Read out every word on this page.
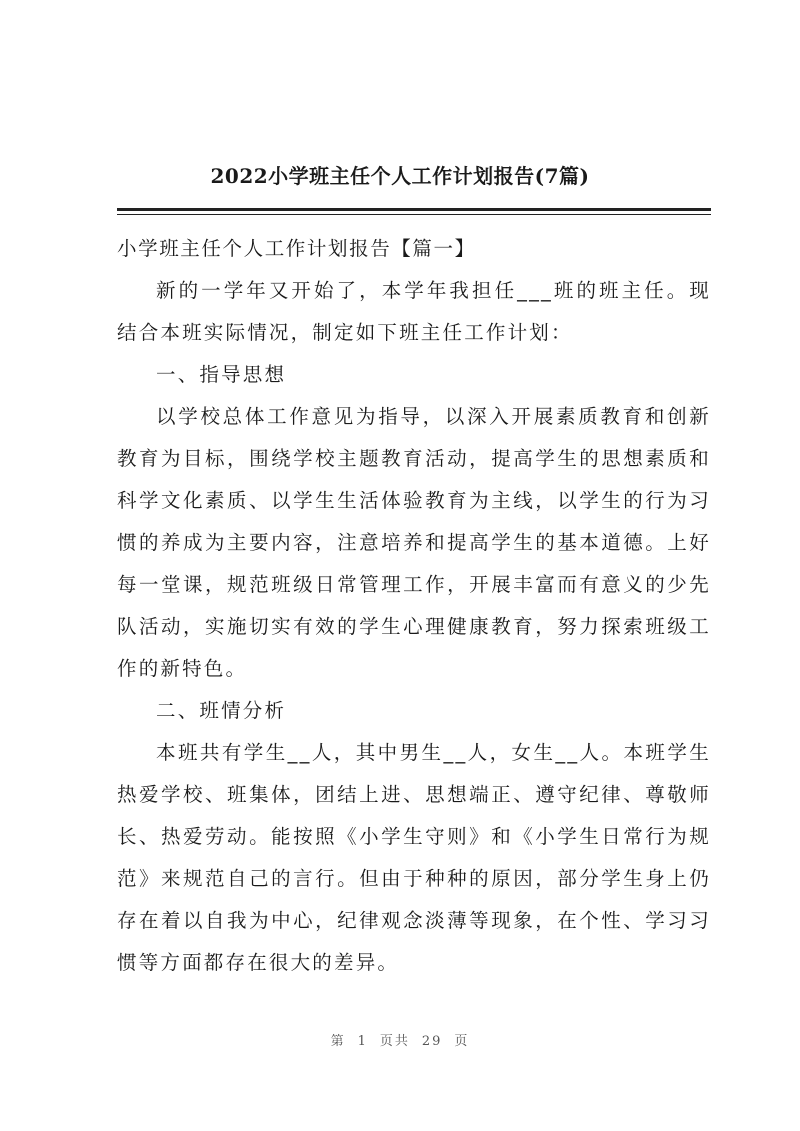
2022小学班主任个人工作计划报告(7篇)

小学班主任个人工作计划报告【篇一】

新的一学年又开始了，本学年我担任___班的班主任。现结合本班实际情况，制定如下班主任工作计划：

一、指导思想

以学校总体工作意见为指导，以深入开展素质教育和创新教育为目标，围绕学校主题教育活动，提高学生的思想素质和科学文化素质、以学生生活体验教育为主线，以学生的行为习惯的养成为主要内容，注意培养和提高学生的基本道德。上好每一堂课，规范班级日常管理工作，开展丰富而有意义的少先队活动，实施切实有效的学生心理健康教育，努力探索班级工作的新特色。

二、班情分析

本班共有学生__人，其中男生__人，女生__人。本班学生热爱学校、班集体，团结上进、思想端正、遵守纪律、尊敬师长、热爱劳动。能按照《小学生守则》和《小学生日常行为规范》来规范自己的言行。但由于种种的原因，部分学生身上仍存在着以自我为中心，纪律观念淡薄等现象，在个性、学习习惯等方面都存在很大的差异。

第 1 页共 29 页
